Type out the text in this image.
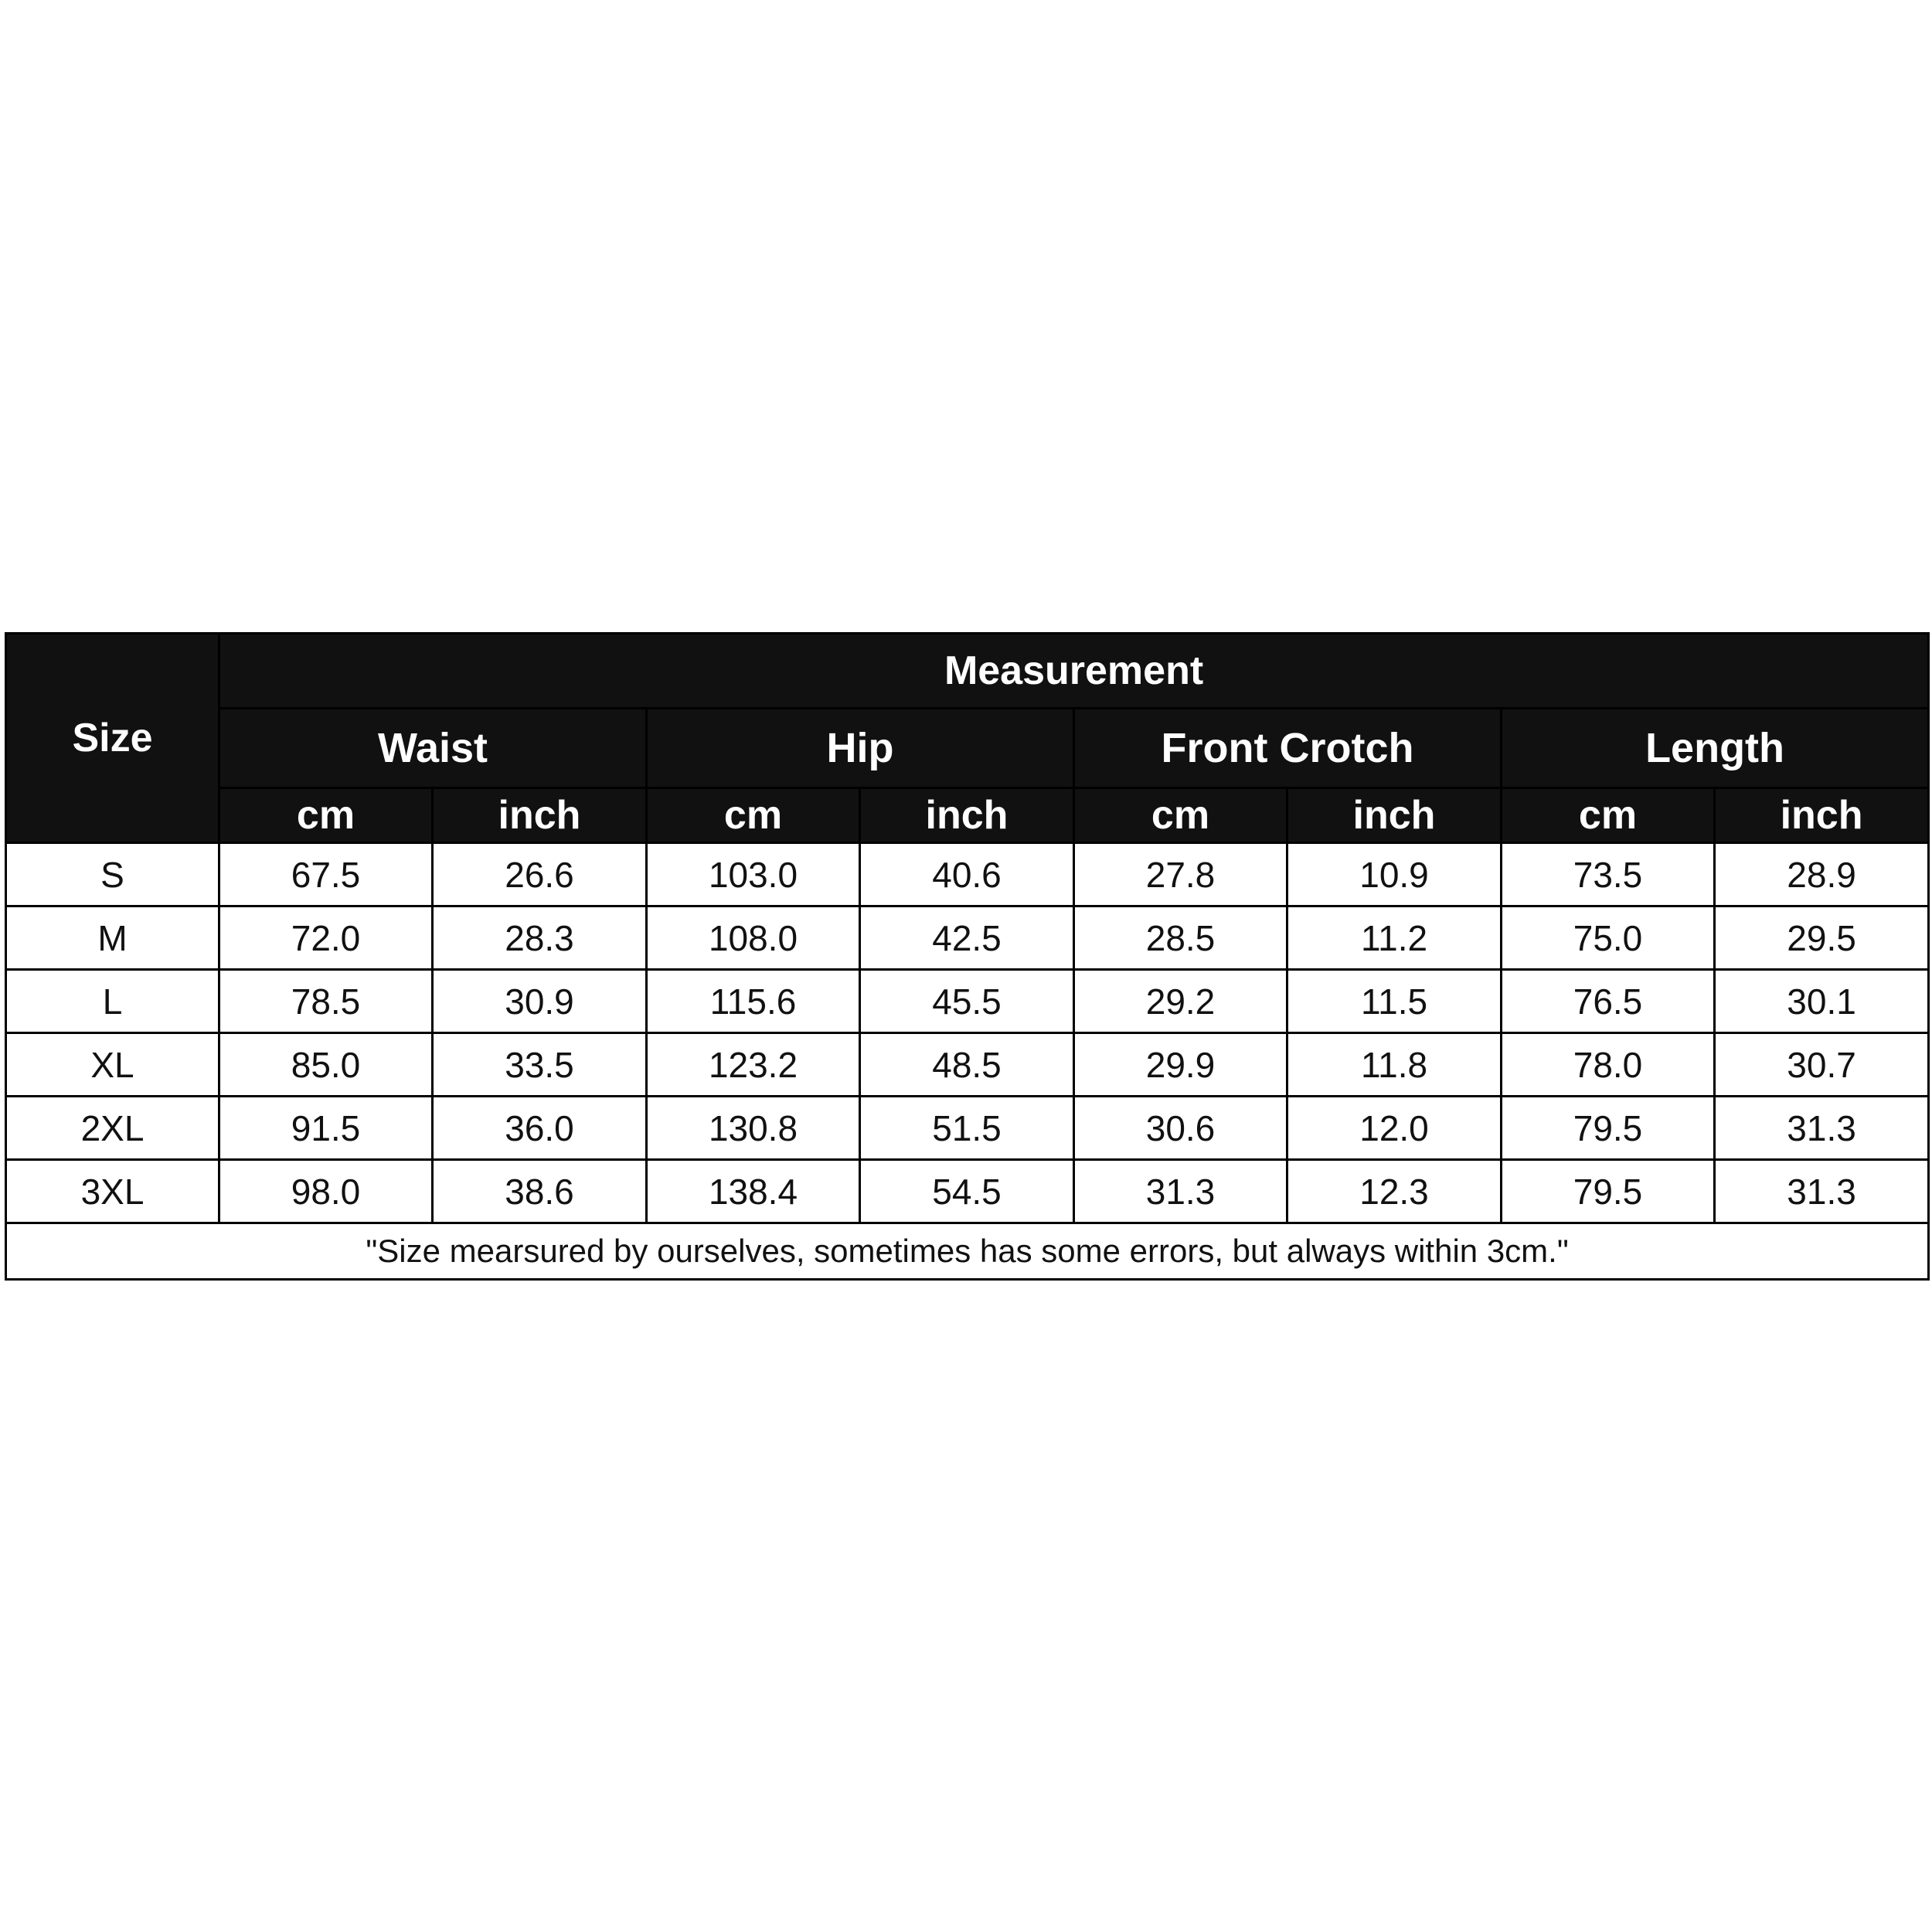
Size	Measurement							
	Waist		Hip		Front Crotch		Length	
	cm	inch	cm	inch	cm	inch	cm	inch
S	67.5	26.6	103.0	40.6	27.8	10.9	73.5	28.9
M	72.0	28.3	108.0	42.5	28.5	11.2	75.0	29.5
L	78.5	30.9	115.6	45.5	29.2	11.5	76.5	30.1
XL	85.0	33.5	123.2	48.5	29.9	11.8	78.0	30.7
2XL	91.5	36.0	130.8	51.5	30.6	12.0	79.5	31.3
3XL	98.0	38.6	138.4	54.5	31.3	12.3	79.5	31.3
"Size mearsured by ourselves, sometimes has some errors, but always within 3cm."								
